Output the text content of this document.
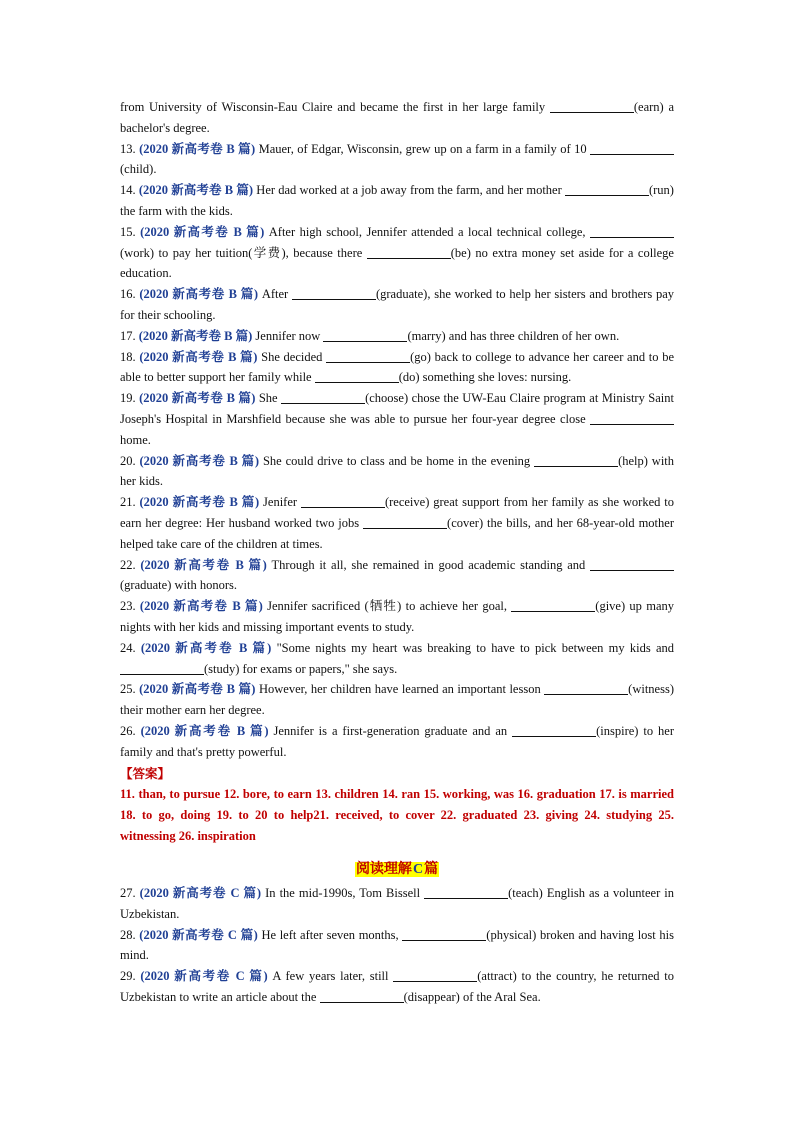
from University of Wisconsin-Eau Claire and became the first in her large family	(earn) a bachelor's degree.
13. (2020 新高考卷 B 篇) Mauer, of Edgar, Wisconsin, grew up on a farm in a family of 10 (child).
14. (2020 新高考卷 B 篇) Her dad worked at a job away from the farm, and her mother	(run) the farm with the kids.
15. (2020 新高考卷 B 篇) After high school, Jennifer attended a local technical college, (work) to pay her tuition(学费), because there	(be) no extra money set aside for a college education.
16. (2020 新高考卷 B 篇) After	(graduate), she worked to help her sisters and brothers pay for their schooling.
17. (2020 新高考卷 B 篇) Jennifer now	(marry) and has three children of her own.
18. (2020 新高考卷 B 篇) She decided	(go) back to college to advance her career and to be able to better support her family while	(do) something she loves: nursing.
19. (2020 新高考卷 B 篇) She	(choose) chose the UW-Eau Claire program at Ministry Saint Joseph's Hospital in Marshfield because she was able to pursue her four-year degree close  home.
20. (2020 新高考卷 B 篇) She could drive to class and be home in the evening	(help) with her kids.
21. (2020 新高考卷 B 篇) Jenifer	(receive) great support from her family as she worked to earn her degree: Her husband worked two jobs	(cover) the bills, and her 68-year-old mother helped take care of the children at times.
22. (2020 新高考卷 B 篇) Through it all, she remained in good academic standing and (graduate) with honors.
23. (2020 新高考卷 B 篇) Jennifer sacrificed (牺牲) to achieve her goal,	(give) up many nights with her kids and missing important events to study.
24. (2020 新高考卷 B 篇) "Some nights my heart was breaking to have to pick between my kids and (study) for exams or papers," she says.
25. (2020 新高考卷 B 篇) However, her children have learned an important lesson	(witness) their mother earn her degree.
26. (2020 新高考卷 B 篇) Jennifer is a first-generation graduate and an	(inspire) to her family and that's pretty powerful.
【答案】
11. than, to pursue 12. bore, to earn 13. children 14. ran 15. working, was 16. graduation 17. is married 18. to go, doing 19. to 20 to help21. received, to cover 22. graduated 23. giving 24. studying 25. witnessing 26. inspiration
阅读理解C篇
27. (2020 新高考卷 C 篇) In the mid-1990s, Tom Bissell	(teach) English as a volunteer in Uzbekistan.
28. (2020 新高考卷 C 篇) He left after seven months,	(physical) broken and having lost his mind.
29. (2020 新高考卷 C 篇) A few years later, still	(attract) to the country, he returned to Uzbekistan to write an article about the	(disappear) of the Aral Sea.
